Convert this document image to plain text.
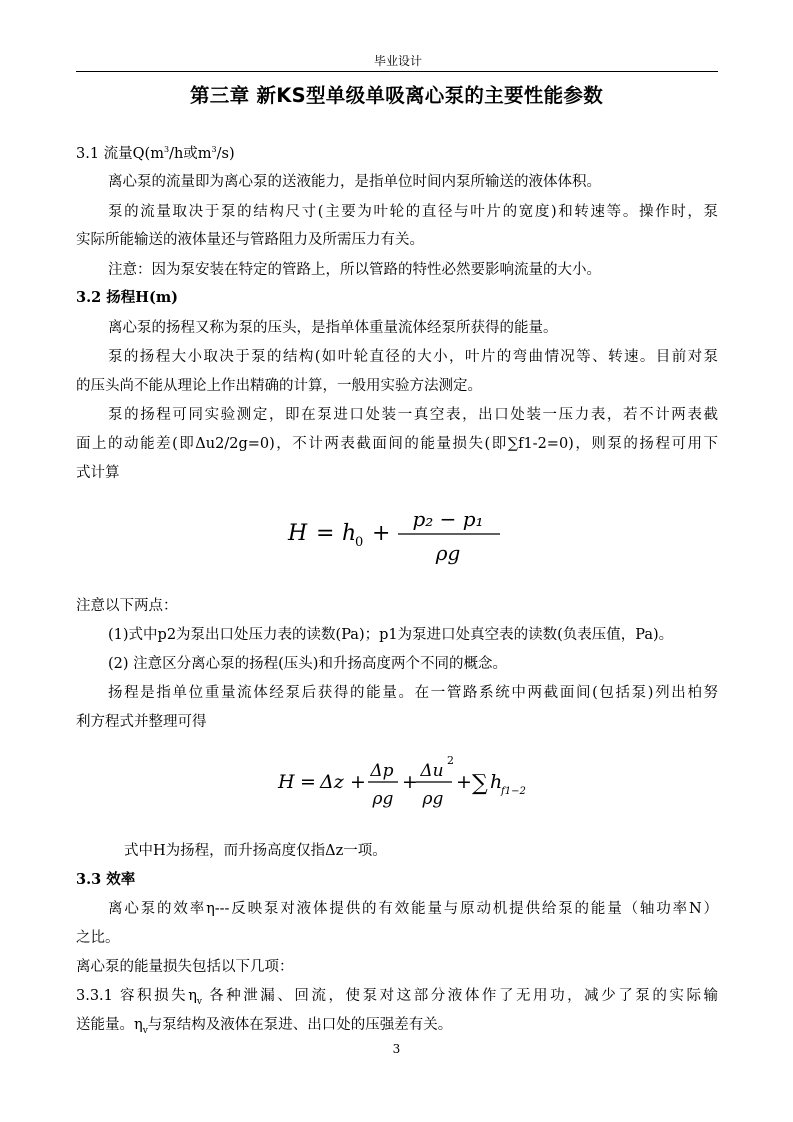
毕业设计
第三章 新KS型单级单吸离心泵的主要性能参数
3.1 流量$Q(m^3/h$或$m^3/s$)
离心泵的流量即为离心泵的送液能力，是指单位时间内泵所输送的液体体积。
泵的流量取决于泵的结构尺寸(主要为叶轮的直径与叶片的宽度)和转速等。操作时，泵
实际所能输送的液体量还与管路阻力及所需压力有关。
注意：因为泵安装在特定的管路上，所以管路的特性必然要影响流量的大小。
3.2 扬程H(m)
离心泵的扬程又称为泵的压头，是指单体重量流体经泵所获得的能量。
泵的扬程大小取决于泵的结构(如叶轮直径的大小，叶片的弯曲情况等、转速。目前对泵
的压头尚不能从理论上作出精确的计算，一般用实验方法测定。
泵的扬程可同实验测定，即在泵进口处装一真空表，出口处装一压力表，若不计两表截
面上的动能差(即Δu2/2g=0)，不计两表截面间的能量损失(即∑f1-2=0)，则泵的扬程可用下
式计算
H = h
0 +
p₂ − p₁
ρg
注意以下两点：
(1)式中p2为泵出口处压力表的读数(Pa)；p1为泵进口处真空表的读数(负表压值，Pa)。
(2) 注意区分离心泵的扬程(压头)和升扬高度两个不同的概念。
扬程是指单位重量流体经泵后获得的能量。在一管路系统中两截面间(包括泵)列出柏努
利方程式并整理可得
H = Δz + Δp
ρg
+ Δu
2
ρg
+ ∑ h
f1−2
式中H为扬程，而升扬高度仅指Δz一项。
3.3 效率
离心泵的效率η---反映泵对液体提供的有效能量与原动机提供给泵的能量（轴功率N）
之比。
离心泵的能量损失包括以下几项：
3.3.1 容积损失$\eta_v$ 各种泄漏、回流，使泵对这部分液体作了无用功，减少了泵的实际输
送能量。$\eta_v$与泵结构及液体在泵进、出口处的压强差有关。
3
